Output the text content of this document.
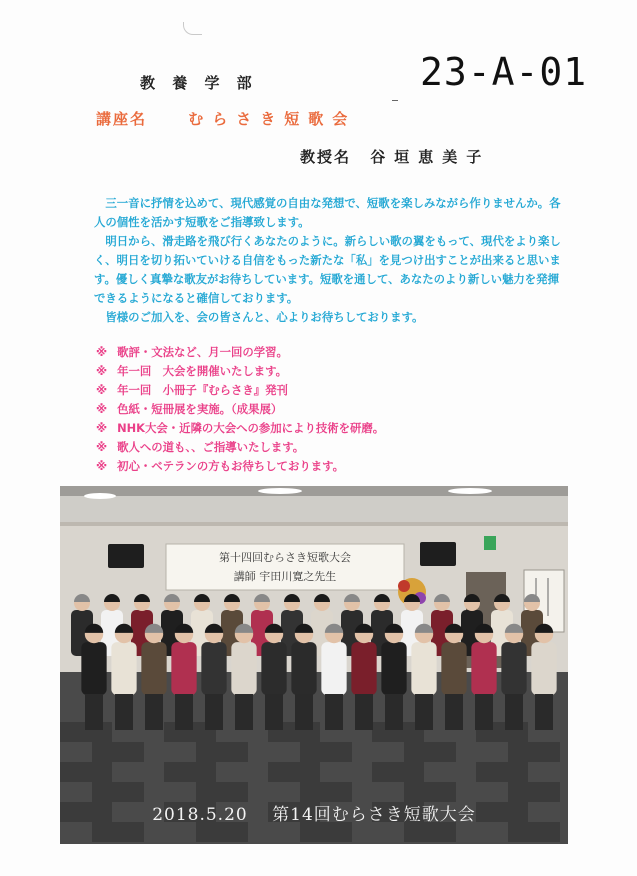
23-A-01
教 養 学 部
講座名	むらさき短歌会
教授名 谷垣恵美子

　三一音に抒情を込めて、現代感覚の自由な発想で、短歌を楽しみながら作りませんか。各人の個性を活かす短歌をご指導致します。

　明日から、滑走路を飛び行くあなたのように。新らしい歌の翼をもって、現代をより楽しく、明日を切り拓いていける自信をもった新たな「私」を見つけ出すことが出来ると思います。優しく真摯な歌友がお待ちしています。短歌を通して、あなたのより新しい魅力を発揮できるようになると確信しております。

　皆様のご加入を、会の皆さんと、心よりお待ちしております。

※ 歌評・文法など、月一回の学習。
※ 年一回　大会を開催いたします。
※ 年一回　小冊子『むらさき』発刊
※ 色紙・短冊展を実施。（成果展）
※ NHK大会・近隣の大会への参加により技術を研磨。
※ 歌人への道も、、ご指導いたします。
※ 初心・ベテランの方もお待ちしております。
第十四回むらさき短歌大会
講師 宇田川寛之先生
2018.5.20 第14回むらさき短歌大会
